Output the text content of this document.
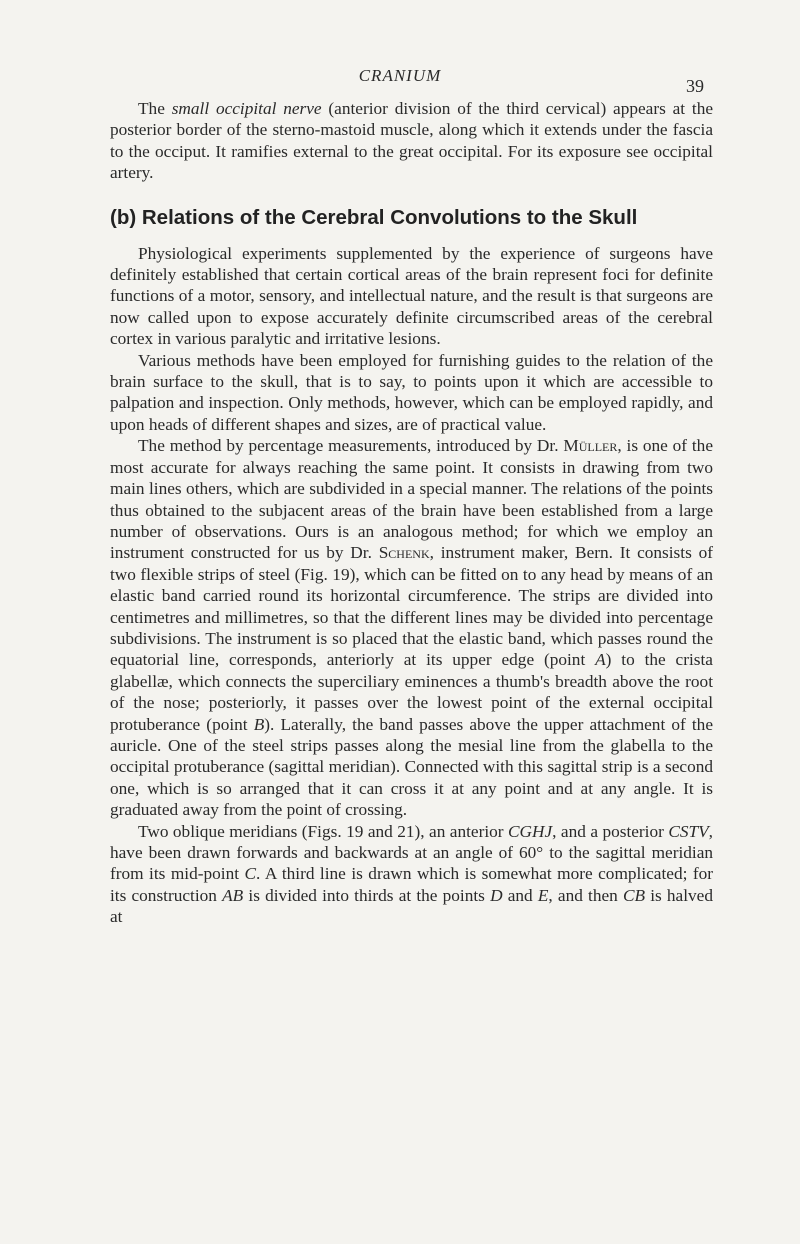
CRANIUM
39

The small occipital nerve (anterior division of the third cervical) appears at the posterior border of the sterno-mastoid muscle, along which it extends under the fascia to the occiput. It ramifies external to the great occipital. For its exposure see occipital artery.

(b) Relations of the Cerebral Convolutions to the Skull

Physiological experiments supplemented by the experience of surgeons have definitely established that certain cortical areas of the brain represent foci for definite functions of a motor, sensory, and intellectual nature, and the result is that surgeons are now called upon to expose accurately definite circumscribed areas of the cerebral cortex in various paralytic and irritative lesions.

Various methods have been employed for furnishing guides to the relation of the brain surface to the skull, that is to say, to points upon it which are accessible to palpation and inspection. Only methods, however, which can be employed rapidly, and upon heads of different shapes and sizes, are of practical value.

The method by percentage measurements, introduced by Dr. Müller, is one of the most accurate for always reaching the same point. It consists in drawing from two main lines others, which are subdivided in a special manner. The relations of the points thus obtained to the subjacent areas of the brain have been established from a large number of observations. Ours is an analogous method; for which we employ an instrument constructed for us by Dr. Schenk, instrument maker, Bern. It consists of two flexible strips of steel (Fig. 19), which can be fitted on to any head by means of an elastic band carried round its horizontal circumference. The strips are divided into centimetres and millimetres, so that the different lines may be divided into percentage subdivisions. The instrument is so placed that the elastic band, which passes round the equatorial line, corresponds, anteriorly at its upper edge (point A) to the crista glabellæ, which connects the superciliary eminences a thumb's breadth above the root of the nose; posteriorly, it passes over the lowest point of the external occipital protuberance (point B). Laterally, the band passes above the upper attachment of the auricle. One of the steel strips passes along the mesial line from the glabella to the occipital protuberance (sagittal meridian). Connected with this sagittal strip is a second one, which is so arranged that it can cross it at any point and at any angle. It is graduated away from the point of crossing.

Two oblique meridians (Figs. 19 and 21), an anterior CGHJ, and a posterior CSTV, have been drawn forwards and backwards at an angle of 60° to the sagittal meridian from its mid-point C. A third line is drawn which is somewhat more complicated; for its construction AB is divided into thirds at the points D and E, and then CB is halved at
